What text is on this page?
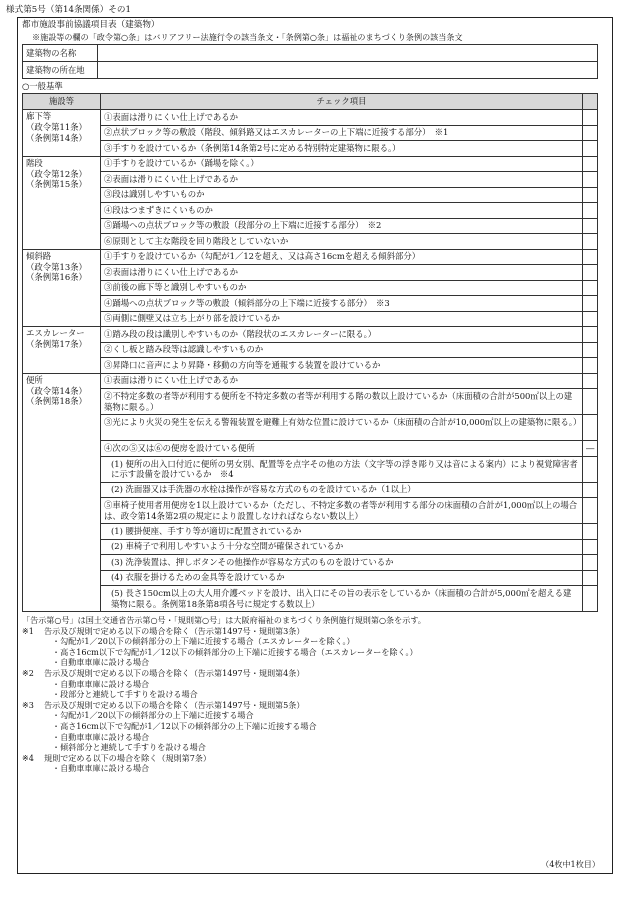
様式第5号（第14条関係）その1
都市施設事前協議項目表（建築物）
※施設等の欄の「政令第○条」はバリアフリー法施行令の該当条文・「条例第○条」は福祉のまちづくり条例の該当条文
建築物の名称	
建築物の所在地	
○一般基準
施設等	チェック項目	

廊下等
（政令第11条）
（条例第14条）	①表面は滑りにくい仕上げであるか	
	②点状ブロック等の敷設（階段、傾斜路又はエスカレーターの上下端に近接する部分）　※1	
	③手すりを設けているか（条例第14条第2号に定める特別特定建築物に限る。）	

階段
（政令第12条）
（条例第15条）	①手すりを設けているか（踊場を除く。）	
	②表面は滑りにくい仕上げであるか	
	③段は識別しやすいものか	
	④段はつまずきにくいものか	
	⑤踊場への点状ブロック等の敷設（段部分の上下端に近接する部分）　※2	
	⑥原則として主な階段を回り階段としていないか	

傾斜路
（政令第13条）
（条例第16条）	①手すりを設けているか（勾配が1／12を超え、又は高さ16cmを超える傾斜部分）	
	②表面は滑りにくい仕上げであるか	
	③前後の廊下等と識別しやすいものか	
	④踊場への点状ブロック等の敷設（傾斜部分の上下端に近接する部分）　※3	
	⑤両側に側壁又は立ち上がり部を設けているか	

エスカレーター
（条例第17条）	①踏み段の段は識別しやすいものか（階段状のエスカレーターに限る。）	
	②くし板と踏み段等は認識しやすいものか	
	③昇降口に音声により昇降・移動の方向等を通報する装置を設けているか	

便所
（政令第14条）
（条例第18条）	①表面は滑りにくい仕上げであるか	
	②不特定多数の者等が利用する便所を不特定多数の者等が利用する階の数以上設けているか（床面積の合計が500㎡以上の建築物に限る。）	
	③光により火災の発生を伝える警報装置を避難上有効な位置に設けているか（床面積の合計が10,000㎡以上の建築物に限る。）	
	④次の⑤又は⑥の便房を設けている便所	―
	(1) 便所の出入口付近に便所の男女別、配置等を点字その他の方法（文字等の浮き彫り又は音による案内）により視覚障害者に示す設備を設けているか　※4	
	(2) 洗面器又は手洗器の水栓は操作が容易な方式のものを設けているか（1以上）	
	⑤車椅子使用者用便房を1以上設けているか（ただし、不特定多数の者等が利用する部分の床面積の合計が1,000㎡以上の場合は、政令第14条第2項の規定により設置しなければならない数以上）	
	(1) 腰掛便座、手すり等が適切に配置されているか	
	(2) 車椅子で利用しやすいよう十分な空間が確保されているか	
	(3) 洗浄装置は、押しボタンその他操作が容易な方式のものを設けているか	
	(4) 衣服を掛けるための金具等を設けているか	
	(5) 長さ150cm以上の大人用介護ベッドを設け、出入口にその旨の表示をしているか（床面積の合計が5,000㎡を超える建築物に限る。条例第18条第8項各号に規定する数以上）	
「告示第○号」は国土交通省告示第○号・「規則第○号」は大阪府福祉のまちづくり条例施行規則第○条を示す。
※1 告示及び規則で定める以下の場合を除く（告示第1497号・規則第3条）
・勾配が1／20以下の傾斜部分の上下端に近接する場合（エスカレーターを除く。）
・高さ16cm以下で勾配が1／12以下の傾斜部分の上下端に近接する場合（エスカレーターを除く。）
・自動車車庫に設ける場合
※2 告示及び規則で定める以下の場合を除く（告示第1497号・規則第4条）
・自動車車庫に設ける場合
・段部分と連続して手すりを設ける場合
※3 告示及び規則で定める以下の場合を除く（告示第1497号・規則第5条）
・勾配が1／20以下の傾斜部分の上下端に近接する場合
・高さ16cm以下で勾配が1／12以下の傾斜部分の上下端に近接する場合
・自動車車庫に設ける場合
・傾斜部分と連続して手すりを設ける場合
※4 規則で定める以下の場合を除く（規則第7条）
・自動車車庫に設ける場合
（4枚中1枚目）
